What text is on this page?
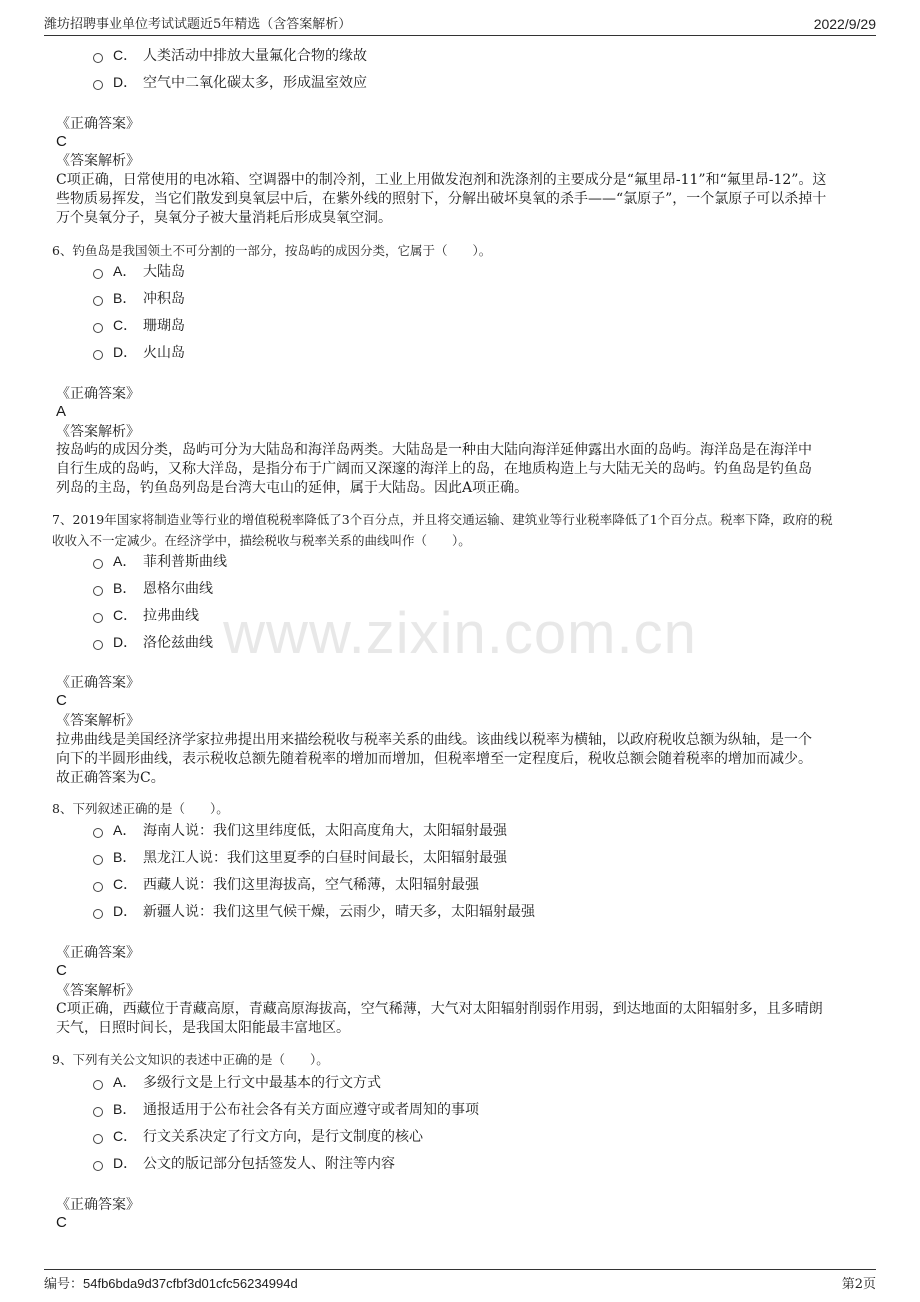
潍坊招聘事业单位考试试题近5年精选（含答案解析）	2022/9/29
www.zixin.com.cn
C． 人类活动中排放大量氟化合物的缘故
D． 空气中二氧化碳太多，形成温室效应
《正确答案》
C
《答案解析》
C项正确，日常使用的电冰箱、空调器中的制冷剂，工业上用做发泡剂和洗涤剂的主要成分是“氟里昂-11”和“氟里昂-12”。这
些物质易挥发，当它们散发到臭氧层中后，在紫外线的照射下，分解出破坏臭氧的杀手——“氯原子”，一个氯原子可以杀掉十
万个臭氧分子，臭氧分子被大量消耗后形成臭氧空洞。
6、钓鱼岛是我国领土不可分割的一部分，按岛屿的成因分类，它属于（　　）。
A． 大陆岛
B． 冲积岛
C． 珊瑚岛
D． 火山岛
《正确答案》
A
《答案解析》
按岛屿的成因分类，岛屿可分为大陆岛和海洋岛两类。大陆岛是一种由大陆向海洋延伸露出水面的岛屿。海洋岛是在海洋中
自行生成的岛屿，又称大洋岛，是指分布于广阔而又深邃的海洋上的岛，在地质构造上与大陆无关的岛屿。钓鱼岛是钓鱼岛
列岛的主岛，钓鱼岛列岛是台湾大屯山的延伸，属于大陆岛。因此A项正确。
7、2019年国家将制造业等行业的增值税税率降低了3个百分点，并且将交通运输、建筑业等行业税率降低了1个百分点。税率下降，政府的税
收收入不一定减少。在经济学中，描绘税收与税率关系的曲线叫作（　　）。
A． 菲利普斯曲线
B． 恩格尔曲线
C． 拉弗曲线
D． 洛伦兹曲线
《正确答案》
C
《答案解析》
拉弗曲线是美国经济学家拉弗提出用来描绘税收与税率关系的曲线。该曲线以税率为横轴，以政府税收总额为纵轴，是一个
向下的半圆形曲线，表示税收总额先随着税率的增加而增加，但税率增至一定程度后，税收总额会随着税率的增加而减少。
故正确答案为C。
8、下列叙述正确的是（　　）。
A． 海南人说：我们这里纬度低，太阳高度角大，太阳辐射最强
B． 黑龙江人说：我们这里夏季的白昼时间最长，太阳辐射最强
C． 西藏人说：我们这里海拔高，空气稀薄，太阳辐射最强
D． 新疆人说：我们这里气候干燥，云雨少，晴天多，太阳辐射最强
《正确答案》
C
《答案解析》
C项正确，西藏位于青藏高原，青藏高原海拔高，空气稀薄，大气对太阳辐射削弱作用弱，到达地面的太阳辐射多，且多晴朗
天气，日照时间长，是我国太阳能最丰富地区。
9、下列有关公文知识的表述中正确的是（　　）。
A． 多级行文是上行文中最基本的行文方式
B． 通报适用于公布社会各有关方面应遵守或者周知的事项
C． 行文关系决定了行文方向，是行文制度的核心
D． 公文的版记部分包括签发人、附注等内容
《正确答案》
C
编号：54fb6bda9d37cfbf3d01cfc56234994d	第2页
